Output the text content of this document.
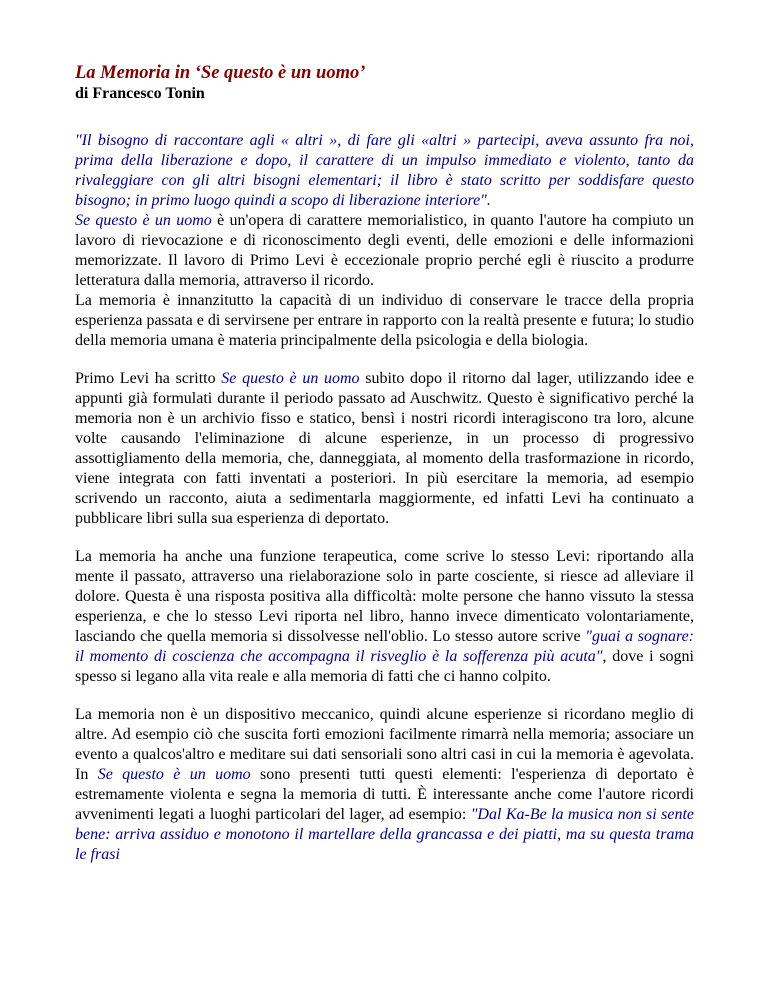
La Memoria in ‘Se questo è un uomo’
di Francesco Tonin

"Il bisogno di raccontare agli « altri », di fare gli «altri » partecipi, aveva assunto fra noi, prima della liberazione e dopo, il carattere di un impulso immediato e violento, tanto da rivaleggiare con gli altri bisogni elementari; il libro è stato scritto per soddisfare questo bisogno; in primo luogo quindi a scopo di liberazione interiore".

Se questo è un uomo è un'opera di carattere memorialistico, in quanto l'autore ha compiuto un lavoro di rievocazione e di riconoscimento degli eventi, delle emozioni e delle informazioni memorizzate. Il lavoro di Primo Levi è eccezionale proprio perché egli è riuscito a produrre letteratura dalla memoria, attraverso il ricordo.

La memoria è innanzitutto la capacità di un individuo di conservare le tracce della propria esperienza passata e di servirsene per entrare in rapporto con la realtà presente e futura; lo studio della memoria umana è materia principalmente della psicologia e della biologia.

Primo Levi ha scritto Se questo è un uomo subito dopo il ritorno dal lager, utilizzando idee e appunti già formulati durante il periodo passato ad Auschwitz. Questo è significativo perché la memoria non è un archivio fisso e statico, bensì i nostri ricordi interagiscono tra loro, alcune volte causando l'eliminazione di alcune esperienze, in un processo di progressivo assottigliamento della memoria, che, danneggiata, al momento della trasformazione in ricordo, viene integrata con fatti inventati a posteriori. In più esercitare la memoria, ad esempio scrivendo un racconto, aiuta a sedimentarla maggiormente, ed infatti Levi ha continuato a pubblicare libri sulla sua esperienza di deportato.

La memoria ha anche una funzione terapeutica, come scrive lo stesso Levi: riportando alla mente il passato, attraverso una rielaborazione solo in parte cosciente, si riesce ad alleviare il dolore. Questa è una risposta positiva alla difficoltà: molte persone che hanno vissuto la stessa esperienza, e che lo stesso Levi riporta nel libro, hanno invece dimenticato volontariamente, lasciando che quella memoria si dissolvesse nell'oblio. Lo stesso autore scrive "guai a sognare: il momento di coscienza che accompagna il risveglio è la sofferenza più acuta", dove i sogni spesso si legano alla vita reale e alla memoria di fatti che ci hanno colpito.

La memoria non è un dispositivo meccanico, quindi alcune esperienze si ricordano meglio di altre. Ad esempio ciò che suscita forti emozioni facilmente rimarrà nella memoria; associare un evento a qualcos'altro e meditare sui dati sensoriali sono altri casi in cui la memoria è agevolata. In Se questo è un uomo sono presenti tutti questi elementi: l'esperienza di deportato è estremamente violenta e segna la memoria di tutti. È interessante anche come l'autore ricordi avvenimenti legati a luoghi particolari del lager, ad esempio: "Dal Ka-Be la musica non si sente bene: arriva assiduo e monotono il martellare della grancassa e dei piatti, ma su questa trama le frasi
